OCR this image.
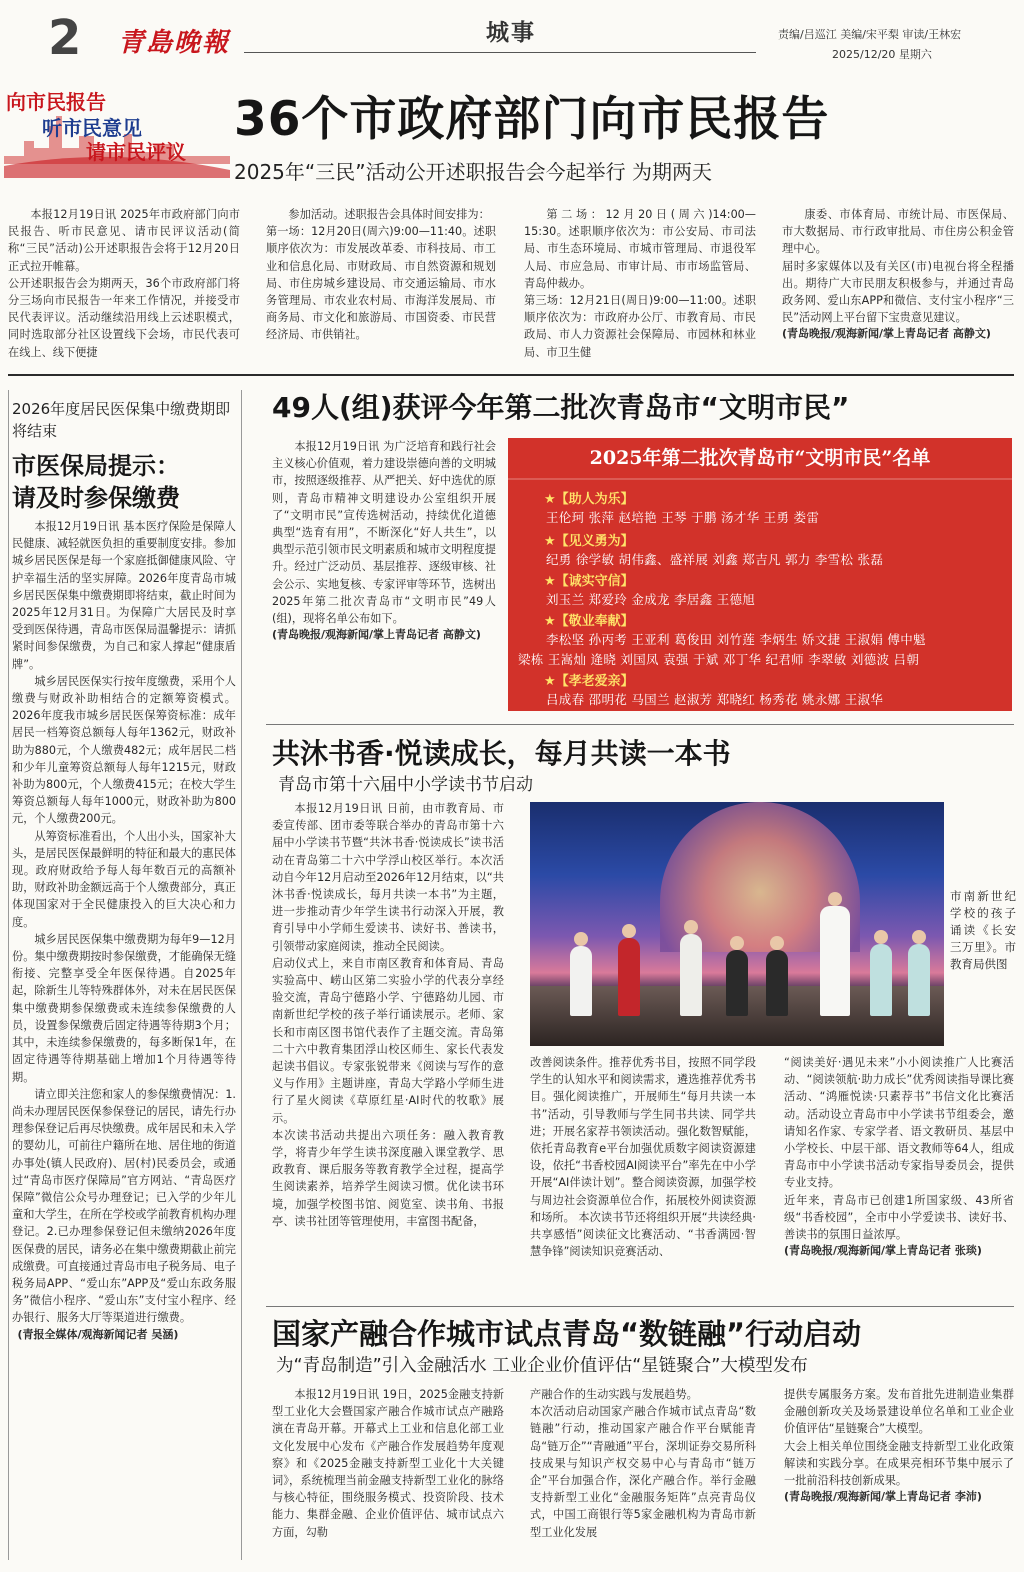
2 青島晚報	城事	责编/吕巡江 美编/宋平梨 审读/王林宏
2025/12/20 星期六
向市民报告
听市民意见
请市民评议
36个市政府部门向市民报告
2025年“三民”活动公开述职报告会今起举行 为期两天

本报12月19日讯 2025年市政府部门向市民报告、听市民意见、请市民评议活动(简称“三民”活动)公开述职报告会将于12月20日正式拉开帷幕。
公开述职报告会为期两天，36个市政府部门将分三场向市民报告一年来工作情况，并接受市民代表评议。活动继续沿用线上云述职模式，同时选取部分社区设置线下会场，市民代表可在线上、线下便捷

参加活动。述职报告会具体时间安排为：
第一场：12月20日(周六)9:00—11:40。述职顺序依次为：市发展改革委、市科技局、市工业和信息化局、市财政局、市自然资源和规划局、市住房城乡建设局、市交通运输局、市水务管理局、市农业农村局、市海洋发展局、市商务局、市文化和旅游局、市国资委、市民营经济局、市供销社。

第二场：12月20日(周六)14:00—15:30。述职顺序依次为：市公安局、市司法局、市生态环境局、市城市管理局、市退役军人局、市应急局、市审计局、市市场监管局、青岛仲裁办。
第三场：12月21日(周日)9:00—11:00。述职顺序依次为：市政府办公厅、市教育局、市民政局、市人力资源社会保障局、市园林和林业局、市卫生健

康委、市体育局、市统计局、市医保局、市大数据局、市行政审批局、市住房公积金管理中心。
届时多家媒体以及有关区(市)电视台将全程播出。期待广大市民朋友积极参与，并通过青岛政务网、爱山东APP和微信、支付宝小程序“三民”活动网上平台留下宝贵意见建议。

(青岛晚报/观海新闻/掌上青岛记者 高静文)

2026年度居民医保集中缴费期即将结束
市医保局提示：
请及时参保缴费

本报12月19日讯 基本医疗保险是保障人民健康、减轻就医负担的重要制度安排。参加城乡居民医保是每一个家庭抵御健康风险、守护幸福生活的坚实屏障。2026年度青岛市城乡居民医保集中缴费期即将结束，截止时间为2025年12月31日。为保障广大居民及时享受到医保待遇，青岛市医保局温馨提示：请抓紧时间参保缴费，为自己和家人撑起“健康盾牌”。

城乡居民医保实行按年度缴费，采用个人缴费与财政补助相结合的定额筹资模式。2026年度我市城乡居民医保筹资标准：成年居民一档筹资总额每人每年1362元，财政补助为880元，个人缴费482元；成年居民二档和少年儿童筹资总额每人每年1215元，财政补助为800元，个人缴费415元；在校大学生筹资总额每人每年1000元，财政补助为800元，个人缴费200元。

从筹资标准看出，个人出小头，国家补大头，是居民医保最鲜明的特征和最大的惠民体现。政府财政给予每人每年数百元的高额补助，财政补助金额远高于个人缴费部分，真正体现国家对于全民健康投入的巨大决心和力度。

城乡居民医保集中缴费期为每年9—12月份。集中缴费期按时参保缴费，才能确保无缝衔接、完整享受全年医保待遇。自2025年起，除新生儿等特殊群体外，对未在居民医保集中缴费期参保缴费或未连续参保缴费的人员，设置参保缴费后固定待遇等待期3个月；其中，未连续参保缴费的，每多断保1年，在固定待遇等待期基础上增加1个月待遇等待期。

请立即关注您和家人的参保缴费情况：1.尚未办理居民医保参保登记的居民，请先行办理参保登记后再尽快缴费。成年居民和未入学的婴幼儿，可前往户籍所在地、居住地的街道办事处(镇人民政府)、居(村)民委员会，或通过“青岛市医疗保障局”官方网站、“青岛医疗保障”微信公众号办理登记；已入学的少年儿童和大学生，在所在学校或学前教育机构办理登记。2.已办理参保登记但未缴纳2026年度医保费的居民，请务必在集中缴费期截止前完成缴费。可直接通过青岛市电子税务局、电子税务局APP、“爱山东”APP及“爱山东政务服务”微信小程序、“爱山东”支付宝小程序、经办银行、服务大厅等渠道进行缴费。

(青报全媒体/观海新闻记者 吴涵)

49人(组)获评今年第二批次青岛市“文明市民”

本报12月19日讯 为广泛培育和践行社会主义核心价值观，着力建设崇德向善的文明城市，按照逐级推荐、从严把关、好中选优的原则，青岛市精神文明建设办公室组织开展了“文明市民”宣传选树活动，持续优化道德典型“选育有用”，不断深化“好人共生”，以典型示范引领市民文明素质和城市文明程度提升。经过广泛动员、基层推荐、逐级审核、社会公示、实地复核、专家评审等环节，选树出2025年第二批次青岛市“文明市民”49人(组)，现将名单公布如下。

(青岛晚报/观海新闻/掌上青岛记者 高静文)

2025年第二批次青岛市“文明市民”名单
★【助人为乐】
王伦珂 张萍 赵培艳 王琴 于鹏 汤才华 王勇 娄雷
★【见义勇为】
纪勇 徐学敏 胡伟鑫、盛祥展 刘鑫 郑吉凡 郭力 李雪松 张磊
★【诚实守信】
刘玉兰 郑爱玲 金成龙 李居鑫 王德旭
★【敬业奉献】
李松坚 孙丙考 王亚利 葛俊田 刘竹莲 李炳生 娇文捷 王淑娟 傅中魁
梁栋 王嵩灿 逄晓 刘国凤 袁强 于斌 邓丁华 纪君师 李翠敏 刘德波 吕朝
★【孝老爱亲】
吕成春 邵明花 马国兰 赵淑芳 郑晓红 杨秀花 姚永娜 王淑华
共沐书香·悦读成长，每月共读一本书
青岛市第十六届中小学读书节启动

本报12月19日讯 日前，由市教育局、市委宣传部、团市委等联合举办的青岛市第十六届中小学读书节暨“共沐书香·悦读成长”读书活动在青岛第二十六中学浮山校区举行。本次活动自今年12月启动至2026年12月结束，以“共沐书香·悦读成长，每月共读一本书”为主题，进一步推动青少年学生读书行动深入开展，教育引导中小学师生爱读书、读好书、善读书，引领带动家庭阅读，推动全民阅读。
启动仪式上，来自市南区教育和体育局、青岛实验高中、崂山区第二实验小学的代表分享经验交流，青岛宁德路小学、宁德路幼儿园、市南新世纪学校的孩子举行诵读展示。老师、家长和市南区图书馆代表作了主题交流。青岛第二十六中教育集团浮山校区师生、家长代表发起读书倡议。专家张锐带来《阅读与写作的意义与作用》主题讲座，青岛大学路小学师生进行了星火阅读《草原红星·AI时代的牧歌》展示。
本次读书活动共提出六项任务：融入教育教学，将青少年学生读书深度融入课堂教学、思政教育、课后服务等教育教学全过程，提高学生阅读素养，培养学生阅读习惯。优化读书环境，加强学校图书馆、阅览室、读书角、书报亭、读书社团等管理使用，丰富图书配备，

市南新世纪学校的孩子诵读《长安三万里》。市教育局供图

改善阅读条件。推荐优秀书目，按照不同学段学生的认知水平和阅读需求，遴选推荐优秀书目。强化阅读推广，开展师生“每月共读一本书”活动，引导教师与学生同书共读、同学共进；开展名家荐书领读活动。强化数智赋能，依托青岛教育e平台加强优质数字阅读资源建设，依托“书香校园AI阅读平台”率先在中小学开展“AI伴读计划”。整合阅读资源，加强学校与周边社会资源单位合作，拓展校外阅读资源和场所。 本次读书节还将组织开展“共读经典·共享感悟”阅读征文比赛活动、“书香满园·智慧争锋”阅读知识竞赛活动、

“阅读美好·遇见未来”小小阅读推广人比赛活动、“阅读领航·助力成长”优秀阅读指导课比赛活动、“鸿雁悦读·只素荐书”书信文化比赛活动。活动设立青岛市中小学读书节组委会，邀请知名作家、专家学者、语文教研员、基层中小学校长、中层干部、语文教师等64人，组成青岛市中小学读书活动专家指导委员会，提供专业支持。
近年来，青岛市已创建1所国家级、43所省级“书香校园”，全市中小学爱读书、读好书、善读书的氛围日益浓厚。

(青岛晚报/观海新闻/掌上青岛记者 张琰)

国家产融合作城市试点青岛“数链融”行动启动
为“青岛制造”引入金融活水 工业企业价值评估“星链聚合”大模型发布

本报12月19日讯 19日，2025金融支持新型工业化大会暨国家产融合作城市试点产融路演在青岛开幕。开幕式上工业和信息化部工业文化发展中心发布《产融合作发展趋势年度观察》和《2025金融支持新型工业化十大关键词》，系统梳理当前金融支持新型工业化的脉络与核心特征，围绕服务模式、投资阶段、技术能力、集群金融、企业价值评估、城市试点六方面，勾勒

产融合作的生动实践与发展趋势。
本次活动启动国家产融合作城市试点青岛“数链融”行动，推动国家产融合作平台赋能青岛“链万企”“青融通”平台，深圳证券交易所科技成果与知识产权交易中心与青岛市“链万企”平台加强合作，深化产融合作。举行金融支持新型工业化“金融服务矩阵”点亮青岛仪式，中国工商银行等5家金融机构为青岛市新型工业化发展

提供专属服务方案。发布首批先进制造业集群金融创新攻关及场景建设单位名单和工业企业价值评估“星链聚合”大模型。
大会上相关单位围绕金融支持新型工业化政策解读和实践分享。在成果亮相环节集中展示了一批前沿科技创新成果。

(青岛晚报/观海新闻/掌上青岛记者 李沛)
